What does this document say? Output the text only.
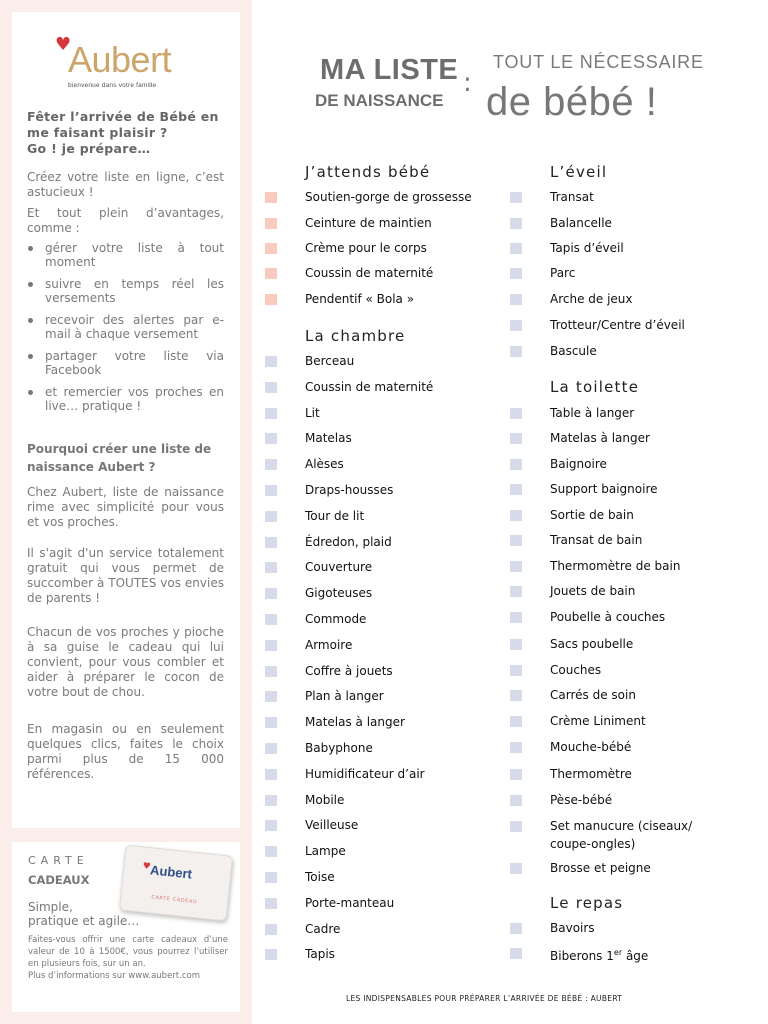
♥
Aubert
bienvenue dans votre famille
Fêter l’arrivée de Bébé en me faisant plaisir ?
Go ! je prépare…
Créez votre liste en ligne, c’est astucieux !
Et tout plein d’avantages, comme :
gérer votre liste à tout moment
suivre en temps réel les versements
recevoir des alertes par e-mail à chaque versement
partager votre liste via Facebook
et remercier vos proches en live… pratique !
Pourquoi créer une liste de naissance Aubert ?
Chez Aubert, liste de naissance rime avec simplicité pour vous et vos proches.
Il s'agit d'un service totalement gratuit qui vous permet de succomber à TOUTES vos envies de parents !
Chacun de vos proches y pioche à sa guise le cadeau qui lui convient, pour vous combler et aider à préparer le cocon de votre bout de chou.
En magasin ou en seulement quelques clics, faites le choix parmi plus de 15 000 références.
CARTE
CADEAUX
Simple,
pratique et agile…
Faites-vous offrir une carte cadeaux d’une valeur de 10 à 1500€, vous pourrez l’utiliser en plusieurs fois, sur un an.
Plus d’informations sur www.aubert.com
♥
Aubert
CARTE CADEAU
MA LISTE
DE NAISSANCE
:
TOUT LE NÉCESSAIRE
de bébé !
J’attends bébé
Soutien-gorge de grossesse
Ceinture de maintien
Crème pour le corps
Coussin de maternité
Pendentif « Bola »
La chambre
Berceau
Coussin de maternité
Lit
Matelas
Alèses
Draps-housses
Tour de lit
Édredon, plaid
Couverture
Gigoteuses
Commode
Armoire
Coffre à jouets
Plan à langer
Matelas à langer
Babyphone
Humidificateur d’air
Mobile
Veilleuse
Lampe
Toise
Porte-manteau
Cadre
Tapis
L’éveil
Transat
Balancelle
Tapis d’éveil
Parc
Arche de jeux
Trotteur/Centre d’éveil
Bascule
La toilette
Table à langer
Matelas à langer
Baignoire
Support baignoire
Sortie de bain
Transat de bain
Thermomètre de bain
Jouets de bain
Poubelle à couches
Sacs poubelle
Couches
Carrés de soin
Crème Liniment
Mouche-bébé
Thermomètre
Pèse-bébé
Set manucure (ciseaux/
coupe-ongles)
Brosse et peigne
Le repas
Bavoirs
Biberons 1er âge
LES INDISPENSABLES POUR PRÉPARER L’ARRIVÉE DE BÉBÉ : AUBERT
